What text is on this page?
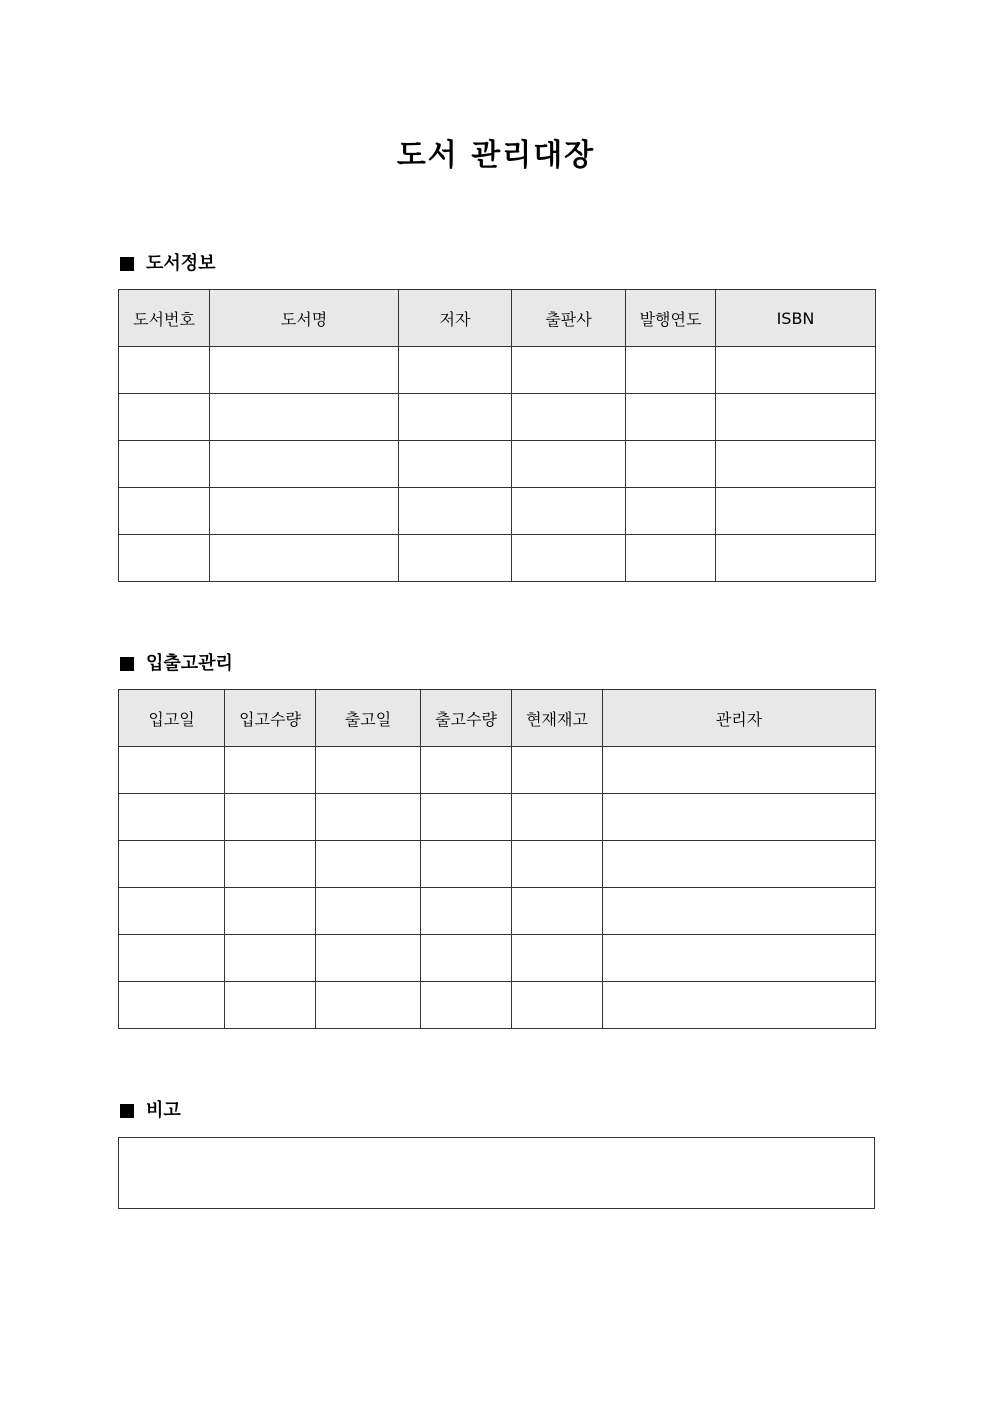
도서 관리대장
도서정보
도서번호	도서명	저자	출판사	발행연도	ISBN

입출고관리
입고일	입고수량	출고일	출고수량	현재재고	관리자

비고
